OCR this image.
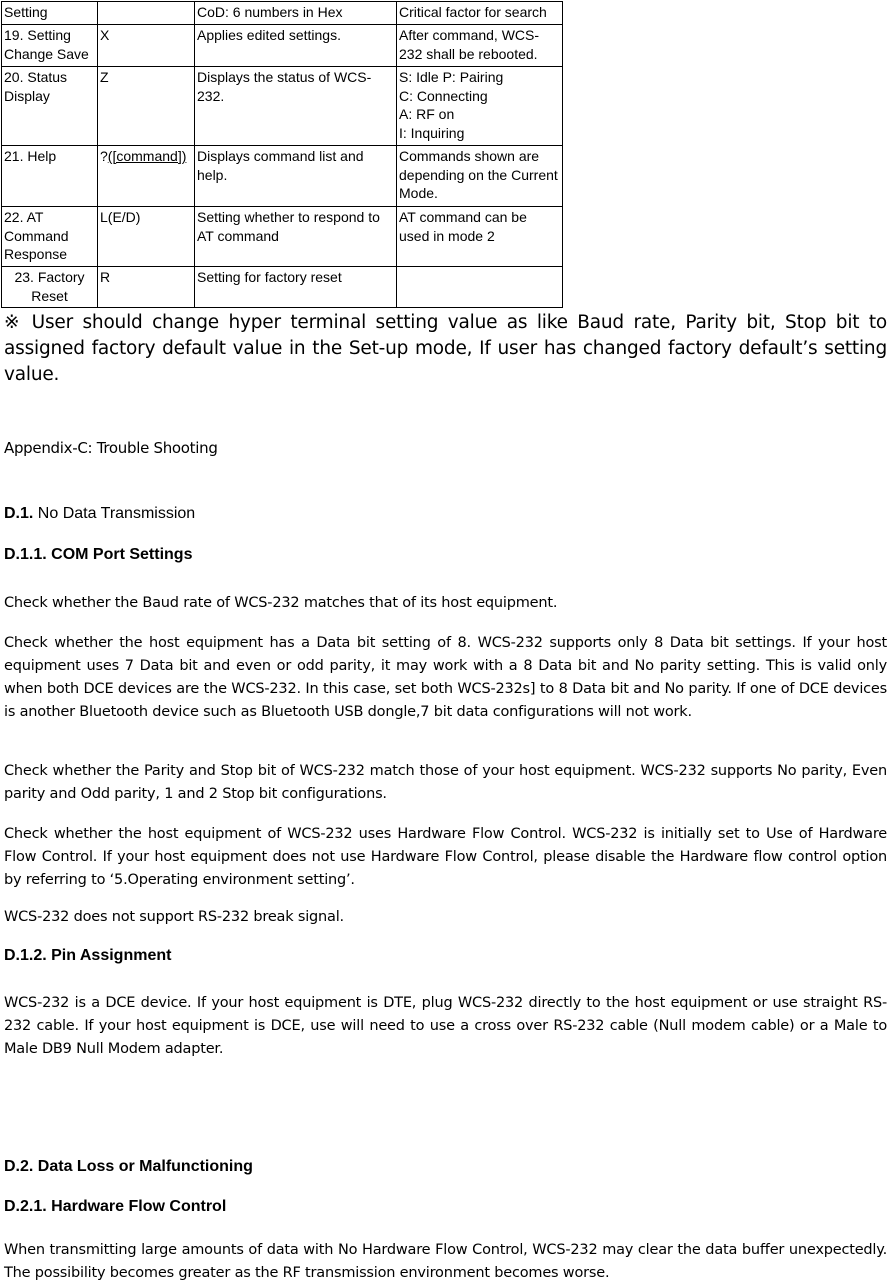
Setting		CoD: 6 numbers in Hex	Critical factor for search
19. Setting Change Save	X	Applies edited settings.	After command, WCS-232 shall be rebooted.
20. Status Display	Z	Displays the status of WCS-232.	S: Idle P: Pairing
C: Connecting
A: RF on
I: Inquiring
21. Help	?([command])	Displays command list and help.	Commands shown are depending on the Current Mode.
22. AT Command Response	L(E/D)	Setting whether to respond to AT command	AT command can be used in mode 2
23. Factory Reset	R	Setting for factory reset	
※ User should change hyper terminal setting value as like Baud rate, Parity bit, Stop bit to assigned factory default value in the Set-up mode, If user has changed factory default’s setting value.
Appendix-C: Trouble Shooting
D.1. No Data Transmission
D.1.1. COM Port Settings
Check whether the Baud rate of WCS-232 matches that of its host equipment.
Check whether the host equipment has a Data bit setting of 8. WCS-232 supports only 8 Data bit settings. If your host equipment uses 7 Data bit and even or odd parity, it may work with a 8 Data bit and No parity setting. This is valid only when both DCE devices are the WCS-232. In this case, set both WCS-232s] to 8 Data bit and No parity. If one of DCE devices is another Bluetooth device such as Bluetooth USB dongle,7 bit data configurations will not work.
Check whether the Parity and Stop bit of WCS-232 match those of your host equipment. WCS-232 supports No parity, Even parity and Odd parity, 1 and 2 Stop bit configurations.
Check whether the host equipment of WCS-232 uses Hardware Flow Control. WCS-232 is initially set to Use of Hardware Flow Control. If your host equipment does not use Hardware Flow Control, please disable the Hardware flow control option by referring to ‘5.Operating environment setting’.
WCS-232 does not support RS-232 break signal.
D.1.2. Pin Assignment
WCS-232 is a DCE device. If your host equipment is DTE, plug WCS-232 directly to the host equipment or use straight RS-232 cable. If your host equipment is DCE, use will need to use a cross over RS-232 cable (Null modem cable) or a Male to Male DB9 Null Modem adapter.
D.2. Data Loss or Malfunctioning
D.2.1. Hardware Flow Control
When transmitting large amounts of data with No Hardware Flow Control, WCS-232 may clear the data buffer unexpectedly. The possibility becomes greater as the RF transmission environment becomes worse.
